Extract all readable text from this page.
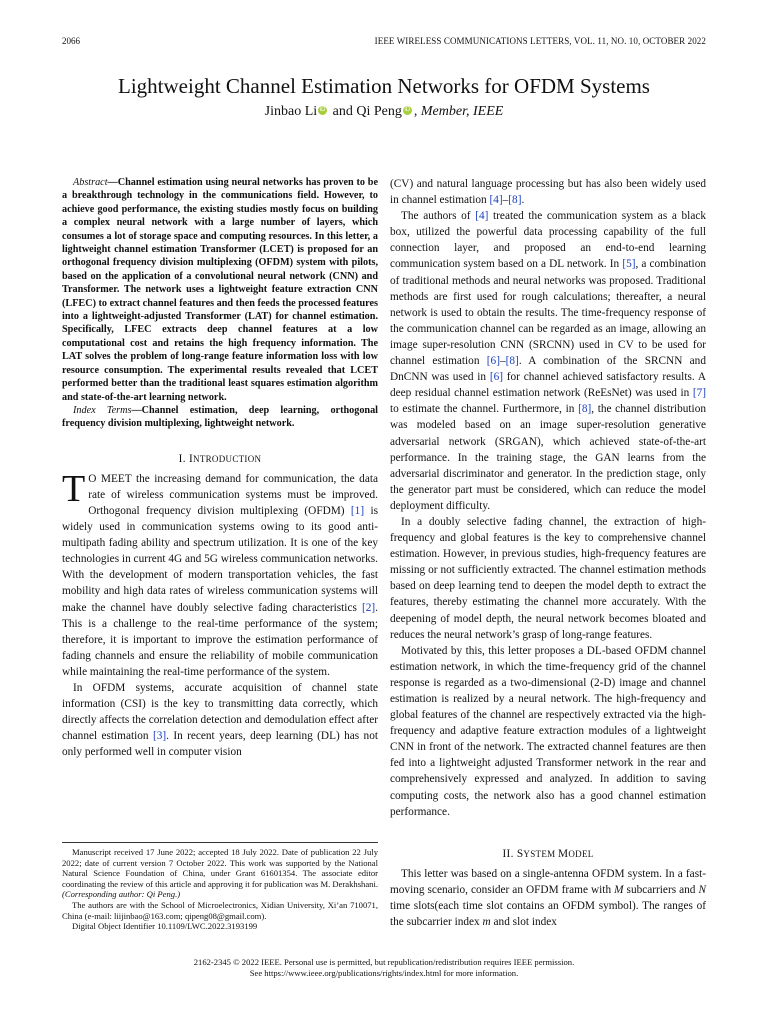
2066	IEEE WIRELESS COMMUNICATIONS LETTERS, VOL. 11, NO. 10, OCTOBER 2022
Lightweight Channel Estimation Networks for OFDM Systems
Jinbao Li iD and Qi Peng iD , Member, IEEE

Abstract—Channel estimation using neural networks has proven to be a breakthrough technology in the communications field. However, to achieve good performance, the existing studies mostly focus on building a complex neural network with a large number of layers, which consumes a lot of storage space and computing resources. In this letter, a lightweight channel estimation Transformer (LCET) is proposed for an orthogonal frequency division multiplexing (OFDM) system with pilots, based on the application of a convolutional neural network (CNN) and Transformer. The network uses a lightweight feature extraction CNN (LFEC) to extract channel features and then feeds the processed features into a lightweight-adjusted Transformer (LAT) for channel estimation. Specifically, LFEC extracts deep channel features at a low computational cost and retains the high frequency information. The LAT solves the problem of long-range feature information loss with low resource consumption. The experimental results revealed that LCET performed better than the traditional least squares estimation algorithm and state-of-the-art learning network.

Index Terms—Channel estimation, deep learning, orthogonal frequency division multiplexing, lightweight network.

I. INTRODUCTION

T O MEET the increasing demand for communication, the data rate of wireless communication systems must be improved. Orthogonal frequency division multiplexing (OFDM) [1] is widely used in communication systems owing to its good anti-multipath fading ability and spectrum utilization. It is one of the key technologies in current 4G and 5G wireless communication networks. With the development of modern transportation vehicles, the fast mobility and high data rates of wireless communication systems will make the channel have doubly selective fading characteristics [2]. This is a challenge to the real-time performance of the system; therefore, it is important to improve the estimation performance of fading channels and ensure the reliability of mobile communication while maintaining the real-time performance of the system.

In OFDM systems, accurate acquisition of channel state information (CSI) is the key to transmitting data correctly, which directly affects the correlation detection and demodulation effect after channel estimation [3]. In recent years, deep learning (DL) has not only performed well in computer vision

Manuscript received 17 June 2022; accepted 18 July 2022. Date of publication 22 July 2022; date of current version 7 October 2022. This work was supported by the National Natural Science Foundation of China, under Grant 61601354. The associate editor coordinating the review of this article and approving it for publication was M. Derakhshani. (Corresponding author: Qi Peng.)

The authors are with the School of Microelectronics, Xidian University, Xi’an 710071, China (e-mail: liijinbao@163.com; qipeng08@gmail.com).

Digital Object Identifier 10.1109/LWC.2022.3193199

(CV) and natural language processing but has also been widely used in channel estimation [4]–[8].

The authors of [4] treated the communication system as a black box, utilized the powerful data processing capability of the full connection layer, and proposed an end-to-end learning communication system based on a DL network. In [5], a combination of traditional methods and neural networks was proposed. Traditional methods are first used for rough calculations; thereafter, a neural network is used to obtain the results. The time-frequency response of the communication channel can be regarded as an image, allowing an image super-resolution CNN (SRCNN) used in CV to be used for channel estimation [6]–[8]. A combination of the SRCNN and DnCNN was used in [6] for channel achieved satisfactory results. A deep residual channel estimation network (ReEsNet) was used in [7] to estimate the channel. Furthermore, in [8], the channel distribution was modeled based on an image super-resolution generative adversarial network (SRGAN), which achieved state-of-the-art performance. In the training stage, the GAN learns from the adversarial discriminator and generator. In the prediction stage, only the generator part must be considered, which can reduce the model deployment difficulty.

In a doubly selective fading channel, the extraction of high-frequency and global features is the key to comprehensive channel estimation. However, in previous studies, high-frequency features are missing or not sufficiently extracted. The channel estimation methods based on deep learning tend to deepen the model depth to extract the features, thereby estimating the channel more accurately. With the deepening of model depth, the neural network becomes bloated and reduces the neural network’s grasp of long-range features.

Motivated by this, this letter proposes a DL-based OFDM channel estimation network, in which the time-frequency grid of the channel response is regarded as a two-dimensional (2-D) image and channel estimation is realized by a neural network. The high-frequency and global features of the channel are respectively extracted via the high-frequency and adaptive feature extraction modules of a lightweight CNN in front of the network. The extracted channel features are then fed into a lightweight adjusted Transformer network in the rear and comprehensively expressed and analyzed. In addition to saving computing costs, the network also has a good channel estimation performance.

II. SYSTEM MODEL

This letter was based on a single-antenna OFDM system. In a fast-moving scenario, consider an OFDM frame with M subcarriers and N time slots(each time slot contains an OFDM symbol). The ranges of the subcarrier index m and slot index

2162-2345 © 2022 IEEE. Personal use is permitted, but republication/redistribution requires IEEE permission.
See https://www.ieee.org/publications/rights/index.html for more information.
